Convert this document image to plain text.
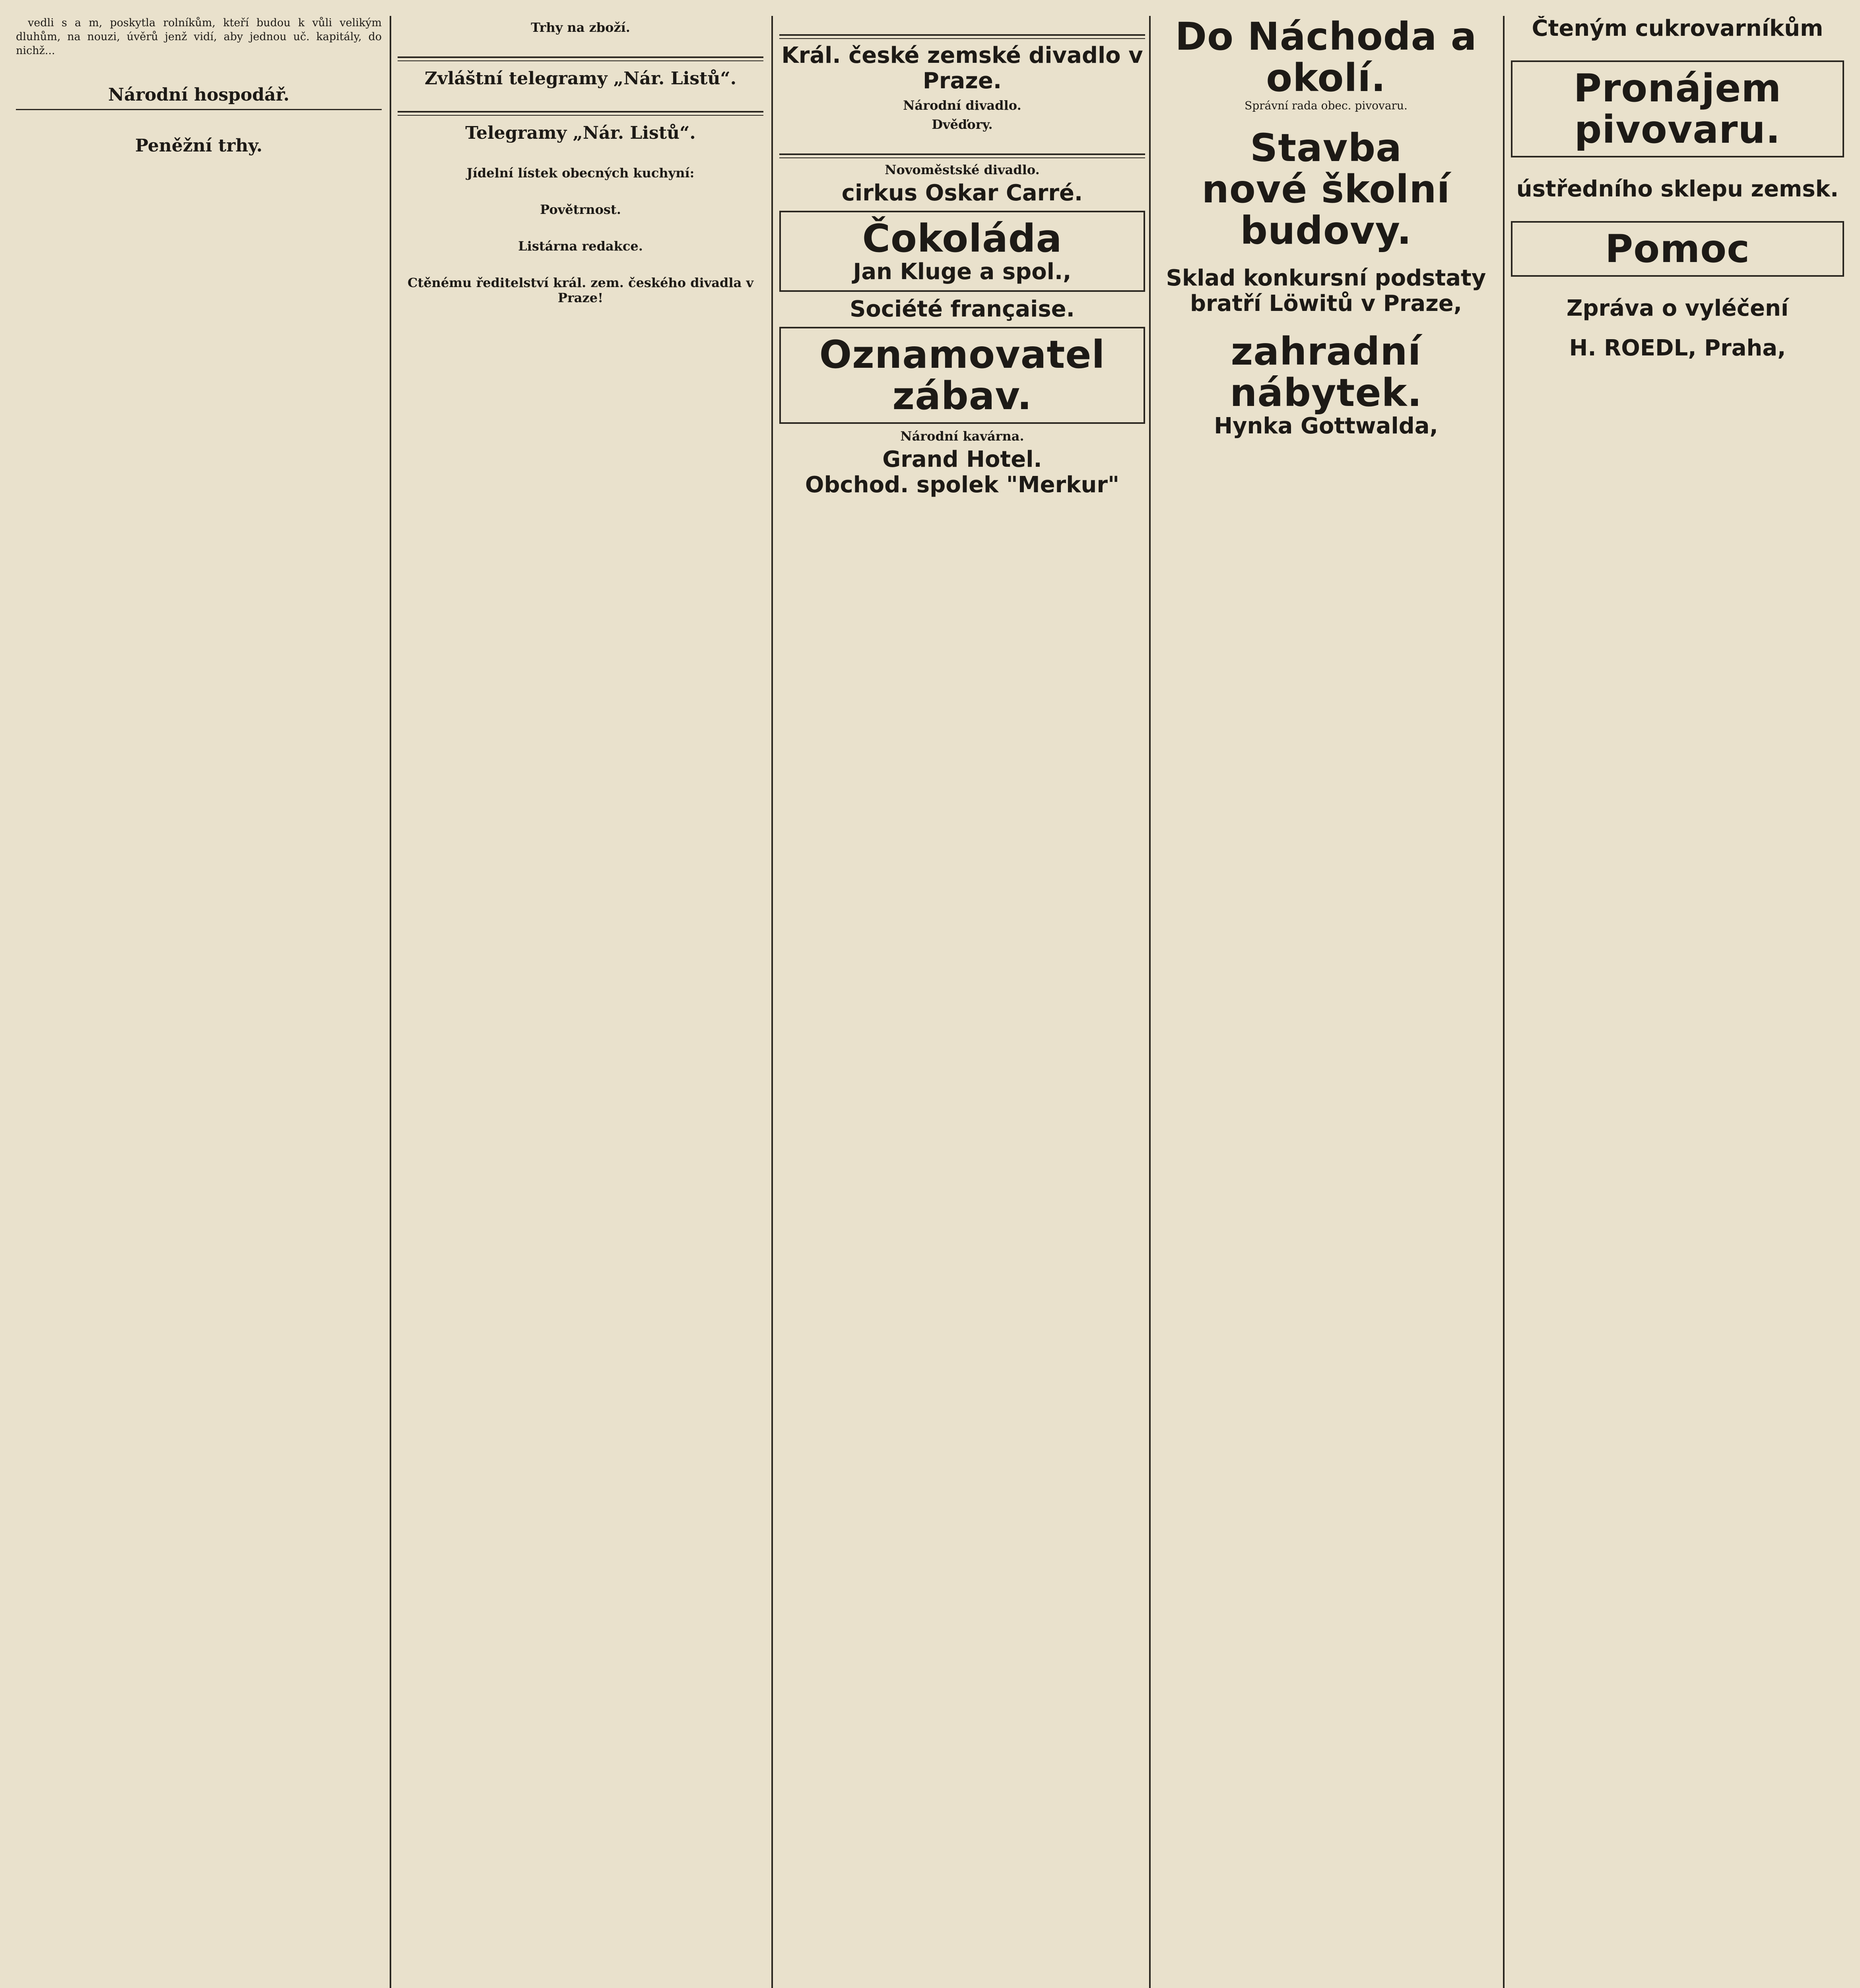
vedli s a m, poskytla rolníkům, kteří budou k vůli velikým dluhům, na nouzi, úvěrů jenž vidí, aby jednou uč. kapitály, do nichž...

Národní hospodář.
Peněžní trhy.
Trhy na zboží.
Zvláštní telegramy „Nár. Listů“.
Telegramy „Nár. Listů“.
Jídelní lístek obecných kuchyní:
Povětrnost.
Listárna redakce.
Ctěnému ředitelství král. zem. českého divadla v Praze!
Král. české zemské divadlo v Praze.
Národní divadlo.
Dvěďory.
Novoměstské divadlo.
cirkus Oskar Carré.
Čokoláda
Jan Kluge a spol.,
Société française.
Oznamovatel zábav.
Národní kavárna.
Grand Hotel.
Obchod. spolek "Merkur"
Do Náchoda a okolí.
Správní rada obec. pivovaru.
Stavba
nové školní budovy.
Sklad konkursní podstaty
bratří Löwitů v Praze,
zahradní nábytek.
Hynka Gottwalda,
Čteným cukrovarníkům
Pronájem pivovaru.
ústředního sklepu zemsk.
Pomoc
Zpráva o vyléčení
H. ROEDL, Praha,
